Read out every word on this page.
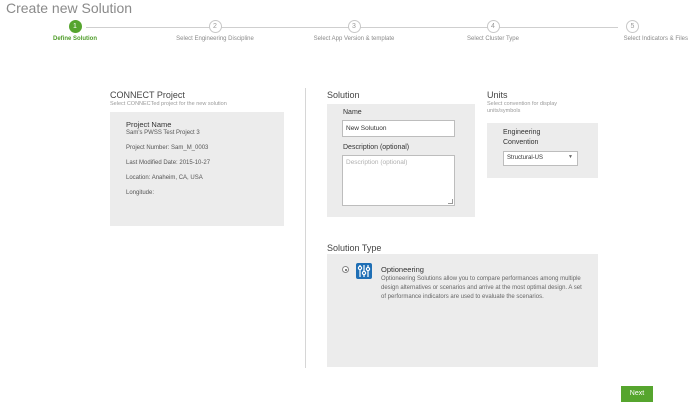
Create new Solution
1
Define Solution
2
Select Engineering Discipline
3
Select App Version & template
4
Select Cluster Type
5
Select Indicators & Files
CONNECT Project
Select CONNECTed project for the new solution
Project Name
Sam's PWSS Test Project 3
Project Number: Sam_M_0003
Last Modified Date: 2015-10-27
Location: Anaheim, CA, USA
Longitude:
Solution
Name
New Solutuon
Description (optional)
Description (optional)
Units
Select convention for display units/symbols
Engineering Convention
Structural-US	▼
Solution Type
Optioneering
Optioneering Solutions allow you to compare performances among multiple design alternatives or scenarios and arrive at the most optimal design. A set of performance indicators are used to evaluate the scenarios.
Next
